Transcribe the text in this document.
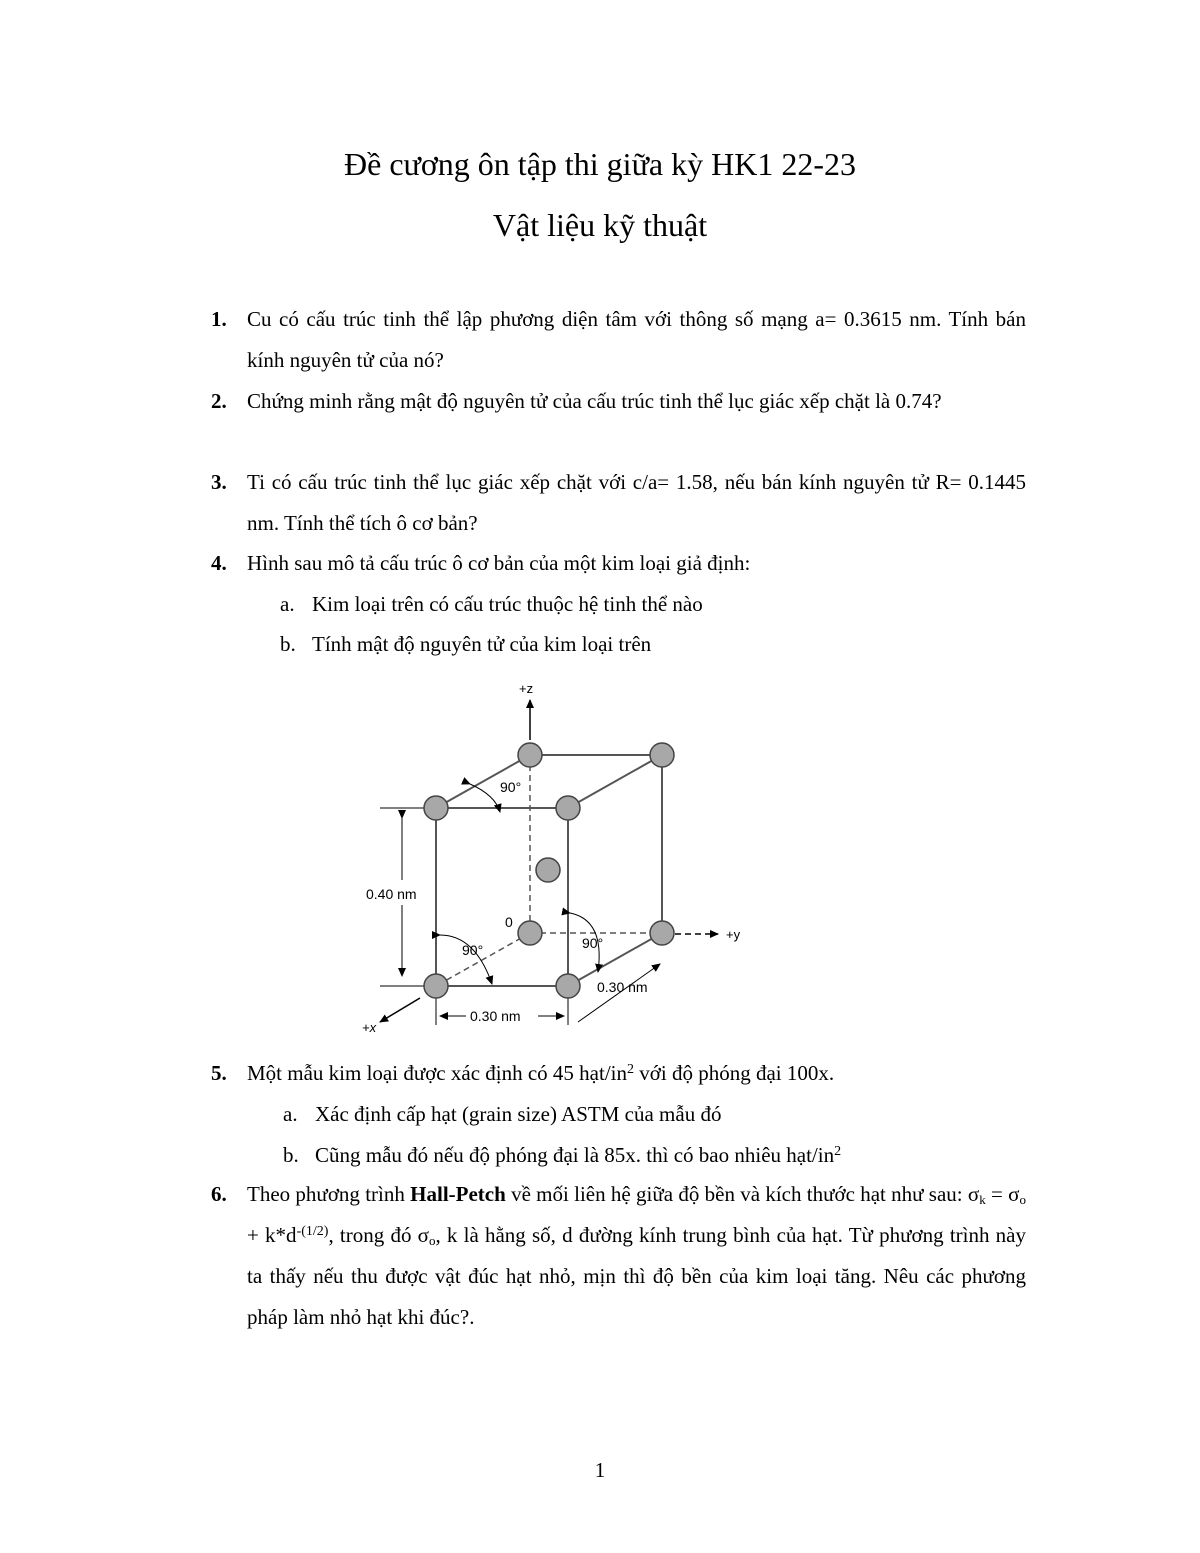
Đề cương ôn tập thi giữa kỳ HK1 22-23
Vật liệu kỹ thuật
1. Cu có cấu trúc tinh thể lập phương diện tâm với thông số mạng a= 0.3615 nm. Tính bán kính nguyên tử của nó?
2. Chứng minh rằng mật độ nguyên tử của cấu trúc tinh thể lục giác xếp chặt là 0.74?
3. Ti có cấu trúc tinh thể lục giác xếp chặt với c/a= 1.58, nếu bán kính nguyên tử R= 0.1445 nm. Tính thể tích ô cơ bản?
4. Hình sau mô tả cấu trúc ô cơ bản của một kim loại giả định:
a. Kim loại trên có cấu trúc thuộc hệ tinh thể nào
b. Tính mật độ nguyên tử của kim loại trên
+z
+y
+x
0
90°
90°	90°
0.40 nm
0.30 nm
0.30 nm
5. Một mẫu kim loại được xác định có 45 hạt/$in^2$ với độ phóng đại 100x.
a. Xác định cấp hạt (grain size) ASTM của mẫu đó
b. Cũng mẫu đó nếu độ phóng đại là 85x. thì có bao nhiêu hạt/$in^2$
6. Theo phương trình Hall-Petch về mối liên hệ giữa độ bền và kích thước hạt như sau: $\sigma_k = \sigma_o + k*d^{-(1/2)}$, trong đó $\sigma_o$, k là hằng số, d đường kính trung bình của hạt. Từ phương trình này ta thấy nếu thu được vật đúc hạt nhỏ, mịn thì độ bền của kim loại tăng. Nêu các phương pháp làm nhỏ hạt khi đúc?.
1
